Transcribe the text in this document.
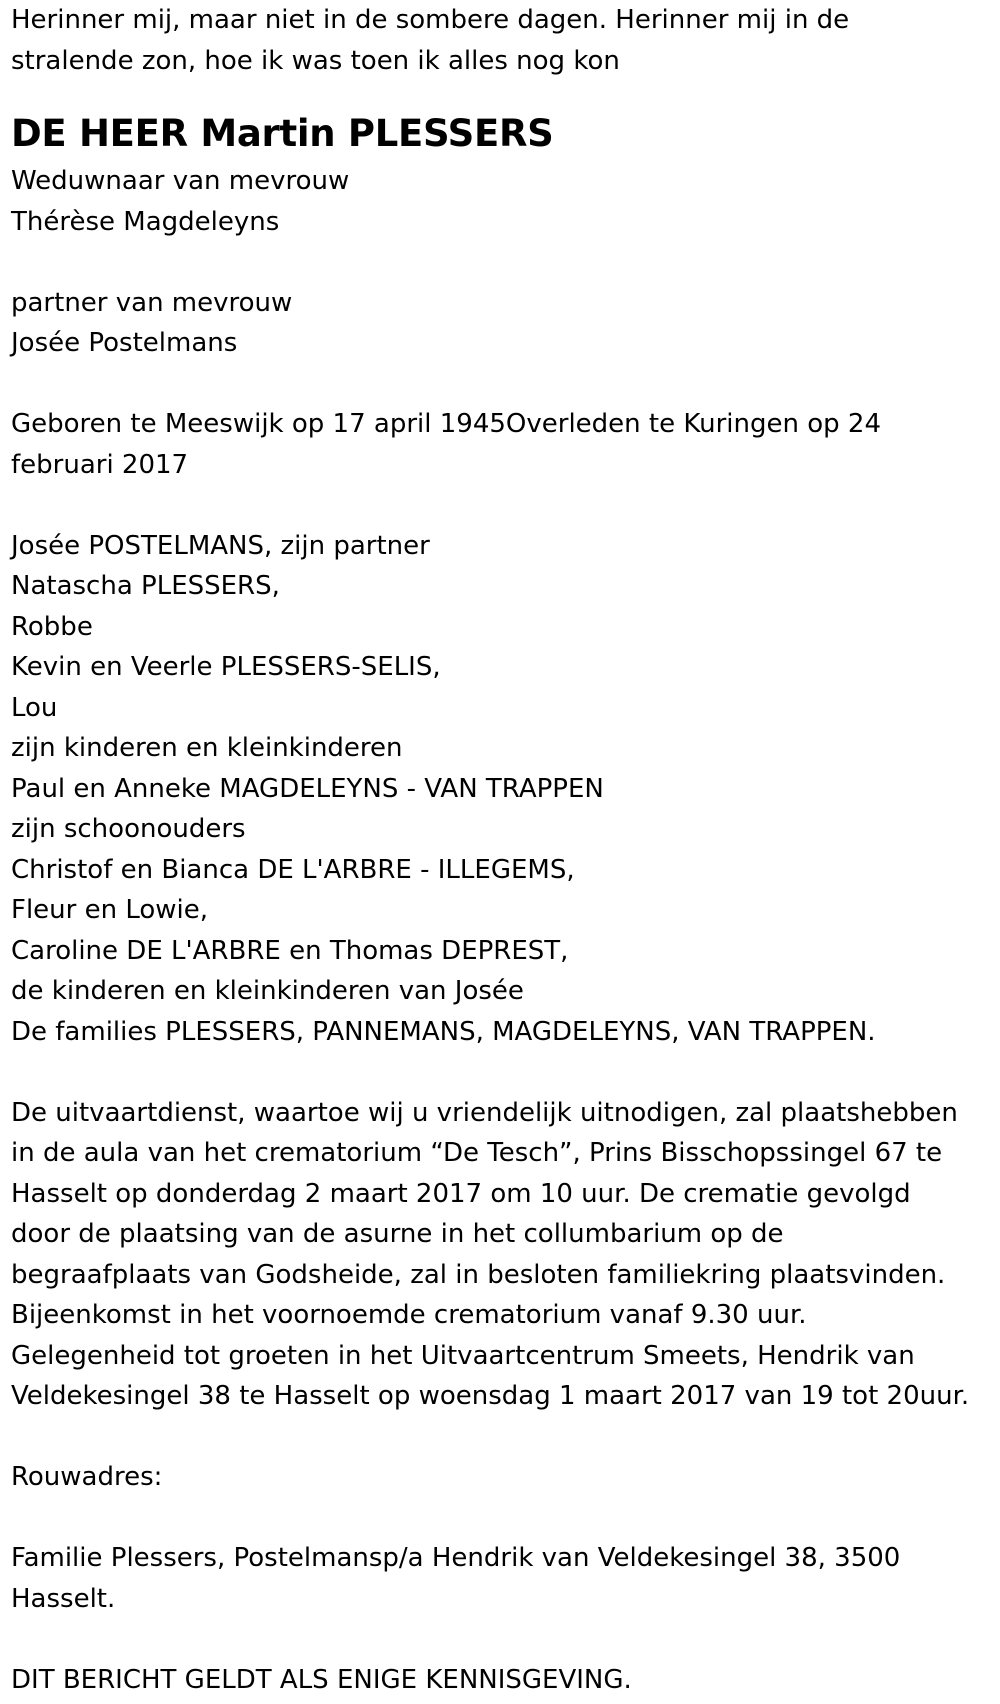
Herinner mij, maar niet in de sombere dagen. Herinner mij in de
stralende zon, hoe ik was toen ik alles nog kon
DE HEER Martin PLESSERS
Weduwnaar van mevrouw
Thérèse Magdeleyns
partner van mevrouw
Josée Postelmans
Geboren te Meeswijk op 17 april 1945Overleden te Kuringen op 24
februari 2017
Josée POSTELMANS, zijn partner
Natascha PLESSERS,
Robbe
Kevin en Veerle PLESSERS-SELIS,
Lou
zijn kinderen en kleinkinderen
Paul en Anneke MAGDELEYNS - VAN TRAPPEN
zijn schoonouders
Christof en Bianca DE L'ARBRE - ILLEGEMS,
Fleur en Lowie,
Caroline DE L'ARBRE en Thomas DEPREST,
de kinderen en kleinkinderen van Josée
De families PLESSERS, PANNEMANS, MAGDELEYNS, VAN TRAPPEN.
De uitvaartdienst, waartoe wij u vriendelijk uitnodigen, zal plaatshebben
in de aula van het crematorium “De Tesch”, Prins Bisschopssingel 67 te
Hasselt op donderdag 2 maart 2017 om 10 uur. De crematie gevolgd
door de plaatsing van de asurne in het collumbarium op de
begraafplaats van Godsheide, zal in besloten familiekring plaatsvinden.
Bijeenkomst in het voornoemde crematorium vanaf 9.30 uur.
Gelegenheid tot groeten in het Uitvaartcentrum Smeets, Hendrik van
Veldekesingel 38 te Hasselt op woensdag 1 maart 2017 van 19 tot 20uur.
Rouwadres:
Familie Plessers, Postelmansp/a Hendrik van Veldekesingel 38, 3500
Hasselt.
DIT BERICHT GELDT ALS ENIGE KENNISGEVING.
